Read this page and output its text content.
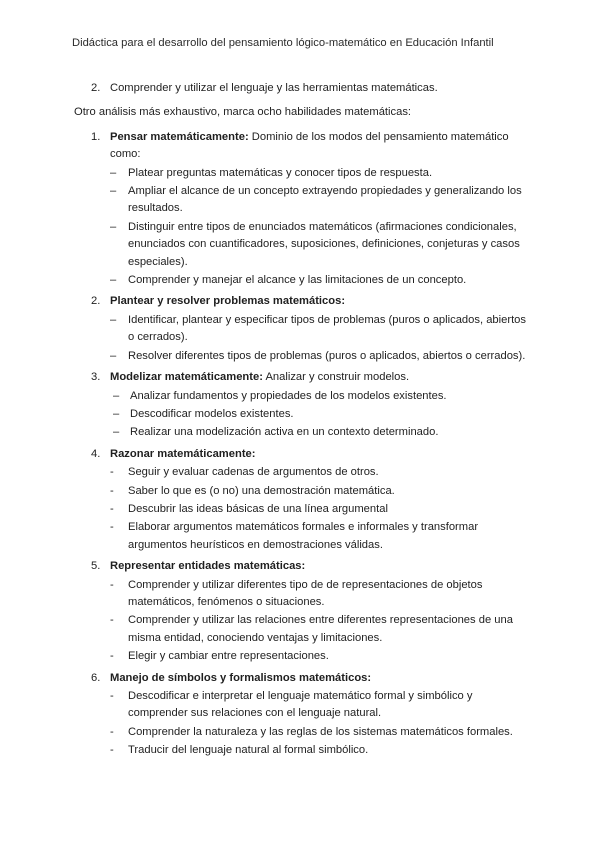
Didáctica para el desarrollo del pensamiento lógico-matemático en Educación Infantil
2. Comprender y utilizar el lenguaje y las herramientas matemáticas.
Otro análisis más exhaustivo, marca ocho habilidades matemáticas:
1. Pensar matemáticamente: Dominio de los modos del pensamiento matemático como:
– Platear preguntas matemáticas y conocer tipos de respuesta.
– Ampliar el alcance de un concepto extrayendo propiedades y generalizando los resultados.
– Distinguir entre tipos de enunciados matemáticos (afirmaciones condicionales, enunciados con cuantificadores, suposiciones, definiciones, conjeturas y casos especiales).
– Comprender y manejar el alcance y las limitaciones de un concepto.
2. Plantear y resolver problemas matemáticos:
– Identificar, plantear y especificar tipos de problemas (puros o aplicados, abiertos o cerrados).
– Resolver diferentes tipos de problemas (puros o aplicados, abiertos o cerrados).
3. Modelizar matemáticamente: Analizar y construir modelos.
– Analizar fundamentos y propiedades de los modelos existentes.
– Descodificar modelos existentes.
– Realizar una modelización activa en un contexto determinado.
4. Razonar matemáticamente:
- Seguir y evaluar cadenas de argumentos de otros.
- Saber lo que es (o no) una demostración matemática.
- Descubrir las ideas básicas de una línea argumental
- Elaborar argumentos matemáticos formales e informales y transformar argumentos heurísticos en demostraciones válidas.
5. Representar entidades matemáticas:
- Comprender y utilizar diferentes tipo de de representaciones de objetos matemáticos, fenómenos o situaciones.
- Comprender y utilizar las relaciones entre diferentes representaciones de una misma entidad, conociendo ventajas y limitaciones.
- Elegir y cambiar entre representaciones.
6. Manejo de símbolos y formalismos matemáticos:
- Descodificar e interpretar el lenguaje matemático formal y simbólico y comprender sus relaciones con el lenguaje natural.
- Comprender la naturaleza y las reglas de los sistemas matemáticos formales.
- Traducir del lenguaje natural al formal simbólico.
